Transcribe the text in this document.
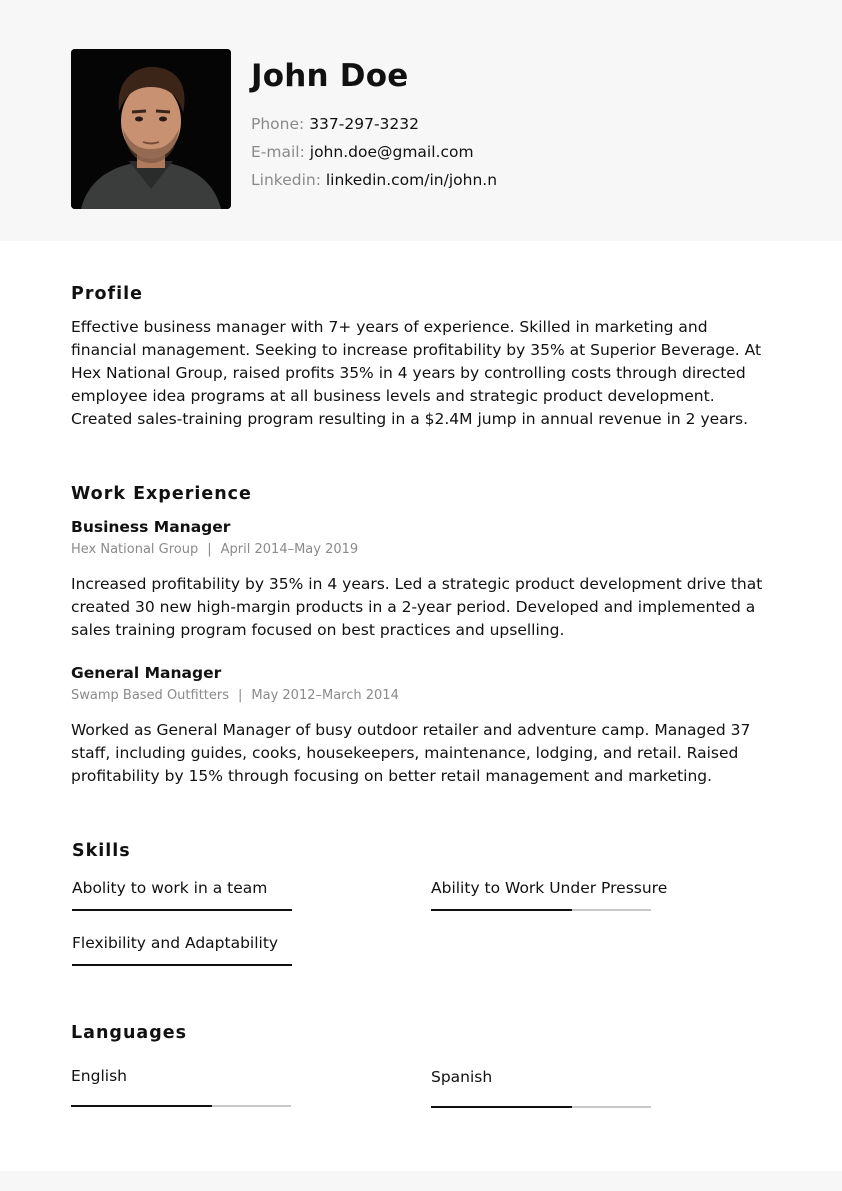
John Doe
Phone: 337-297-3232
E-mail: john.doe@gmail.com
Linkedin: linkedin.com/in/john.n
Profile
Effective business manager with 7+ years of experience. Skilled in marketing and financial management. Seeking to increase profitability by 35% at Superior Beverage. At Hex National Group, raised profits 35% in 4 years by controlling costs through directed employee idea programs at all business levels and strategic product development. Created sales-training program resulting in a $2.4M jump in annual revenue in 2 years.
Work Experience
Business Manager
Hex National Group | April 2014–May 2019
Increased profitability by 35% in 4 years. Led a strategic product development drive that created 30 new high-margin products in a 2-year period. Developed and implemented a sales training program focused on best practices and upselling.
General Manager
Swamp Based Outfitters | May 2012–March 2014
Worked as General Manager of busy outdoor retailer and adventure camp. Managed 37 staff, including guides, cooks, housekeepers, maintenance, lodging, and retail. Raised profitability by 15% through focusing on better retail management and marketing.
Skills
Abolity to work in a team	Ability to Work Under Pressure
Flexibility and Adaptability
Languages
English	Spanish
